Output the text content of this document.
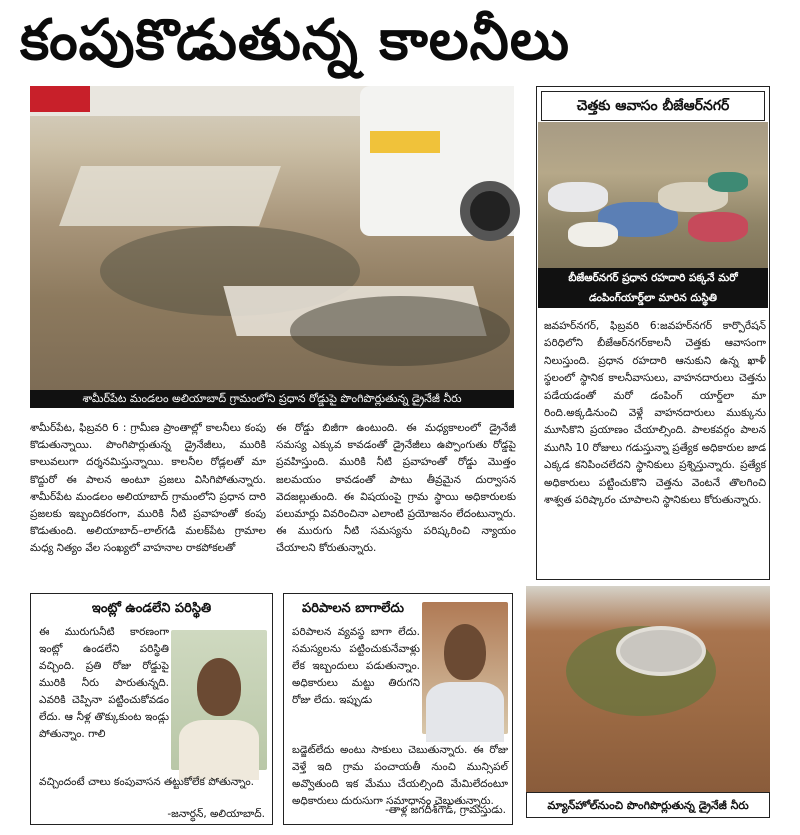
కంపుకొడుతున్న కాలనీలు
శామీర్‌పేట మండలం అలియాబాద్ గ్రామంలోని ప్రధాన రోడ్డుపై పొంగిపొర్లుతున్న డ్రైనేజీ నీరు
శామీర్‌పేట, ఫిబ్రవరి 6 : గ్రామీణ ప్రాంతాల్లో కాలనీలు కంపు కొడుతున్నాయి. పొంగిపొర్లుతున్న డ్రైనేజీలు, మురికి కాలువలుగా దర్శనమిస్తున్నాయి. కాలనీల రోడ్లలతో మా కొద్దురో ఈ పాలన అంటూ ప్రజలు విసిగిపోతున్నారు. శామీర్‌పేట మండలం అలియాబాద్ గ్రామంలోని ప్రధాన దారి ప్రజలకు ఇబ్బందికరంగా, మురికి నీటి ప్రవాహంతో కంపు కొడుతుంది. అలియాబాద్–లాల్‌గడి మలక్‌పేట గ్రామాల మధ్య నిత్యం వేల సంఖ్యలో వాహనాల రాకపోకలతో
ఈ రోడ్డు బిజీగా ఉంటుంది. ఈ మధ్యకాలంలో డ్రైనేజీ సమస్య ఎక్కువ కావడంతో డ్రైనేజీలు ఉప్పొంగుతు రోడ్డపై ప్రవహిస్తుంది. మురికి నీటి ప్రవాహంతో రోడ్డు మొత్తం జలమయం కావడంతో పాటు తీవ్రమైన దుర్వాసన వెదజల్లుతుంది. ఈ విషయంపై గ్రామ స్థాయి అధికారులకు పలుమార్లు వివరించినా ఎలాంటి ప్రయోజనం లేదంటున్నారు. ఈ మురుగు నీటి సమస్యను పరిష్కరించి న్యాయం చేయాలని కోరుతున్నారు.
చెత్తకు ఆవాసం బీజేఆర్‌నగర్
బీజేఆర్‌నగర్ ప్రధాన రహదారి పక్కనే మరో డంపింగ్‌యార్డ్‌లా మారిన దుస్థితి
జవహర్‌నగర్, ఫిబ్రవరి 6:జవహర్‌నగర్ కార్పొరేషన్ పరిధిలోని బీజేఆర్‌నగర్‌కాలనీ చెత్తకు ఆవాసంగా నిలుస్తుంది. ప్రధాన రహదారి ఆనుకుని ఉన్న ఖాళీ స్థలంలో స్థానిక కాలనీవాసులు, వాహనదారులు చెత్తను పడేయడంతో మరో డంపింగ్ యార్డ్‌లా మా రింది.అక్కడినుంచి వెళ్లే వాహనదారులు ముక్కును మూసికొని ప్రయాణం చేయాల్సింది. పాలకవర్గం పాలన ముగిసి 10 రోజులు గడుస్తున్నా ప్రత్యేక అధికారుల జాడ ఎక్కడ కనిపించలేదని స్థానికులు ప్రశ్నిస్తున్నారు. ప్రత్యేక అధికారులు పట్టించుకొని చెత్తను వెంటనే తొలగించి శాశ్వత పరిష్కారం చూపాలని స్థానికులు కోరుతున్నారు.
ఇంట్లో ఉండలేని పరిస్థితి
ఈ మురుగునీటి కారణంగా ఇంట్లో ఉండలేని పరిస్థితి వచ్చింది. ప్రతి రోజు రోడ్డుపై మురికి నీరు పారుతున్నది. ఎవరికి చెప్పినా పట్టించుకోవడం లేదు. ఆ నీళ్ల తొక్కుకుంట ఇండ్లు పోతున్నాం. గాలి
వచ్చిందంటే చాలు కంపువాసన తట్టుకోలేక పోతున్నాం.
-జనార్ధన్, అలియాబాద్.
పరిపాలన బాగాలేదు
పరిపాలన వ్యవస్థ బాగా లేదు. సమస్యలను పట్టించుకునేవాళ్లు లేక ఇబ్బందులు పడుతున్నాం. అధికారులు మట్టు తిరుగని రోజు లేదు. ఇప్పుడు
బడ్జెట్‌లేదు అంటు సాకులు చెబుతున్నారు. ఈ రోజు వెళ్తే ఇది గ్రామ పంచాయతీ నుంచి మున్సిపల్ అవ్వొతుంది ఇక మేము చేయల్సింది మేమిలేదంటూ అధికారులు దురుసుగా సమాధానం చెబుతున్నారు.
-తాళ్ల జగదీశ్‌గౌడ్, గ్రామస్తుడు.	మ్యాన్‌హోల్‌నుంచి పొంగిపొర్లుతున్న డ్రైనేజీ నీరు
